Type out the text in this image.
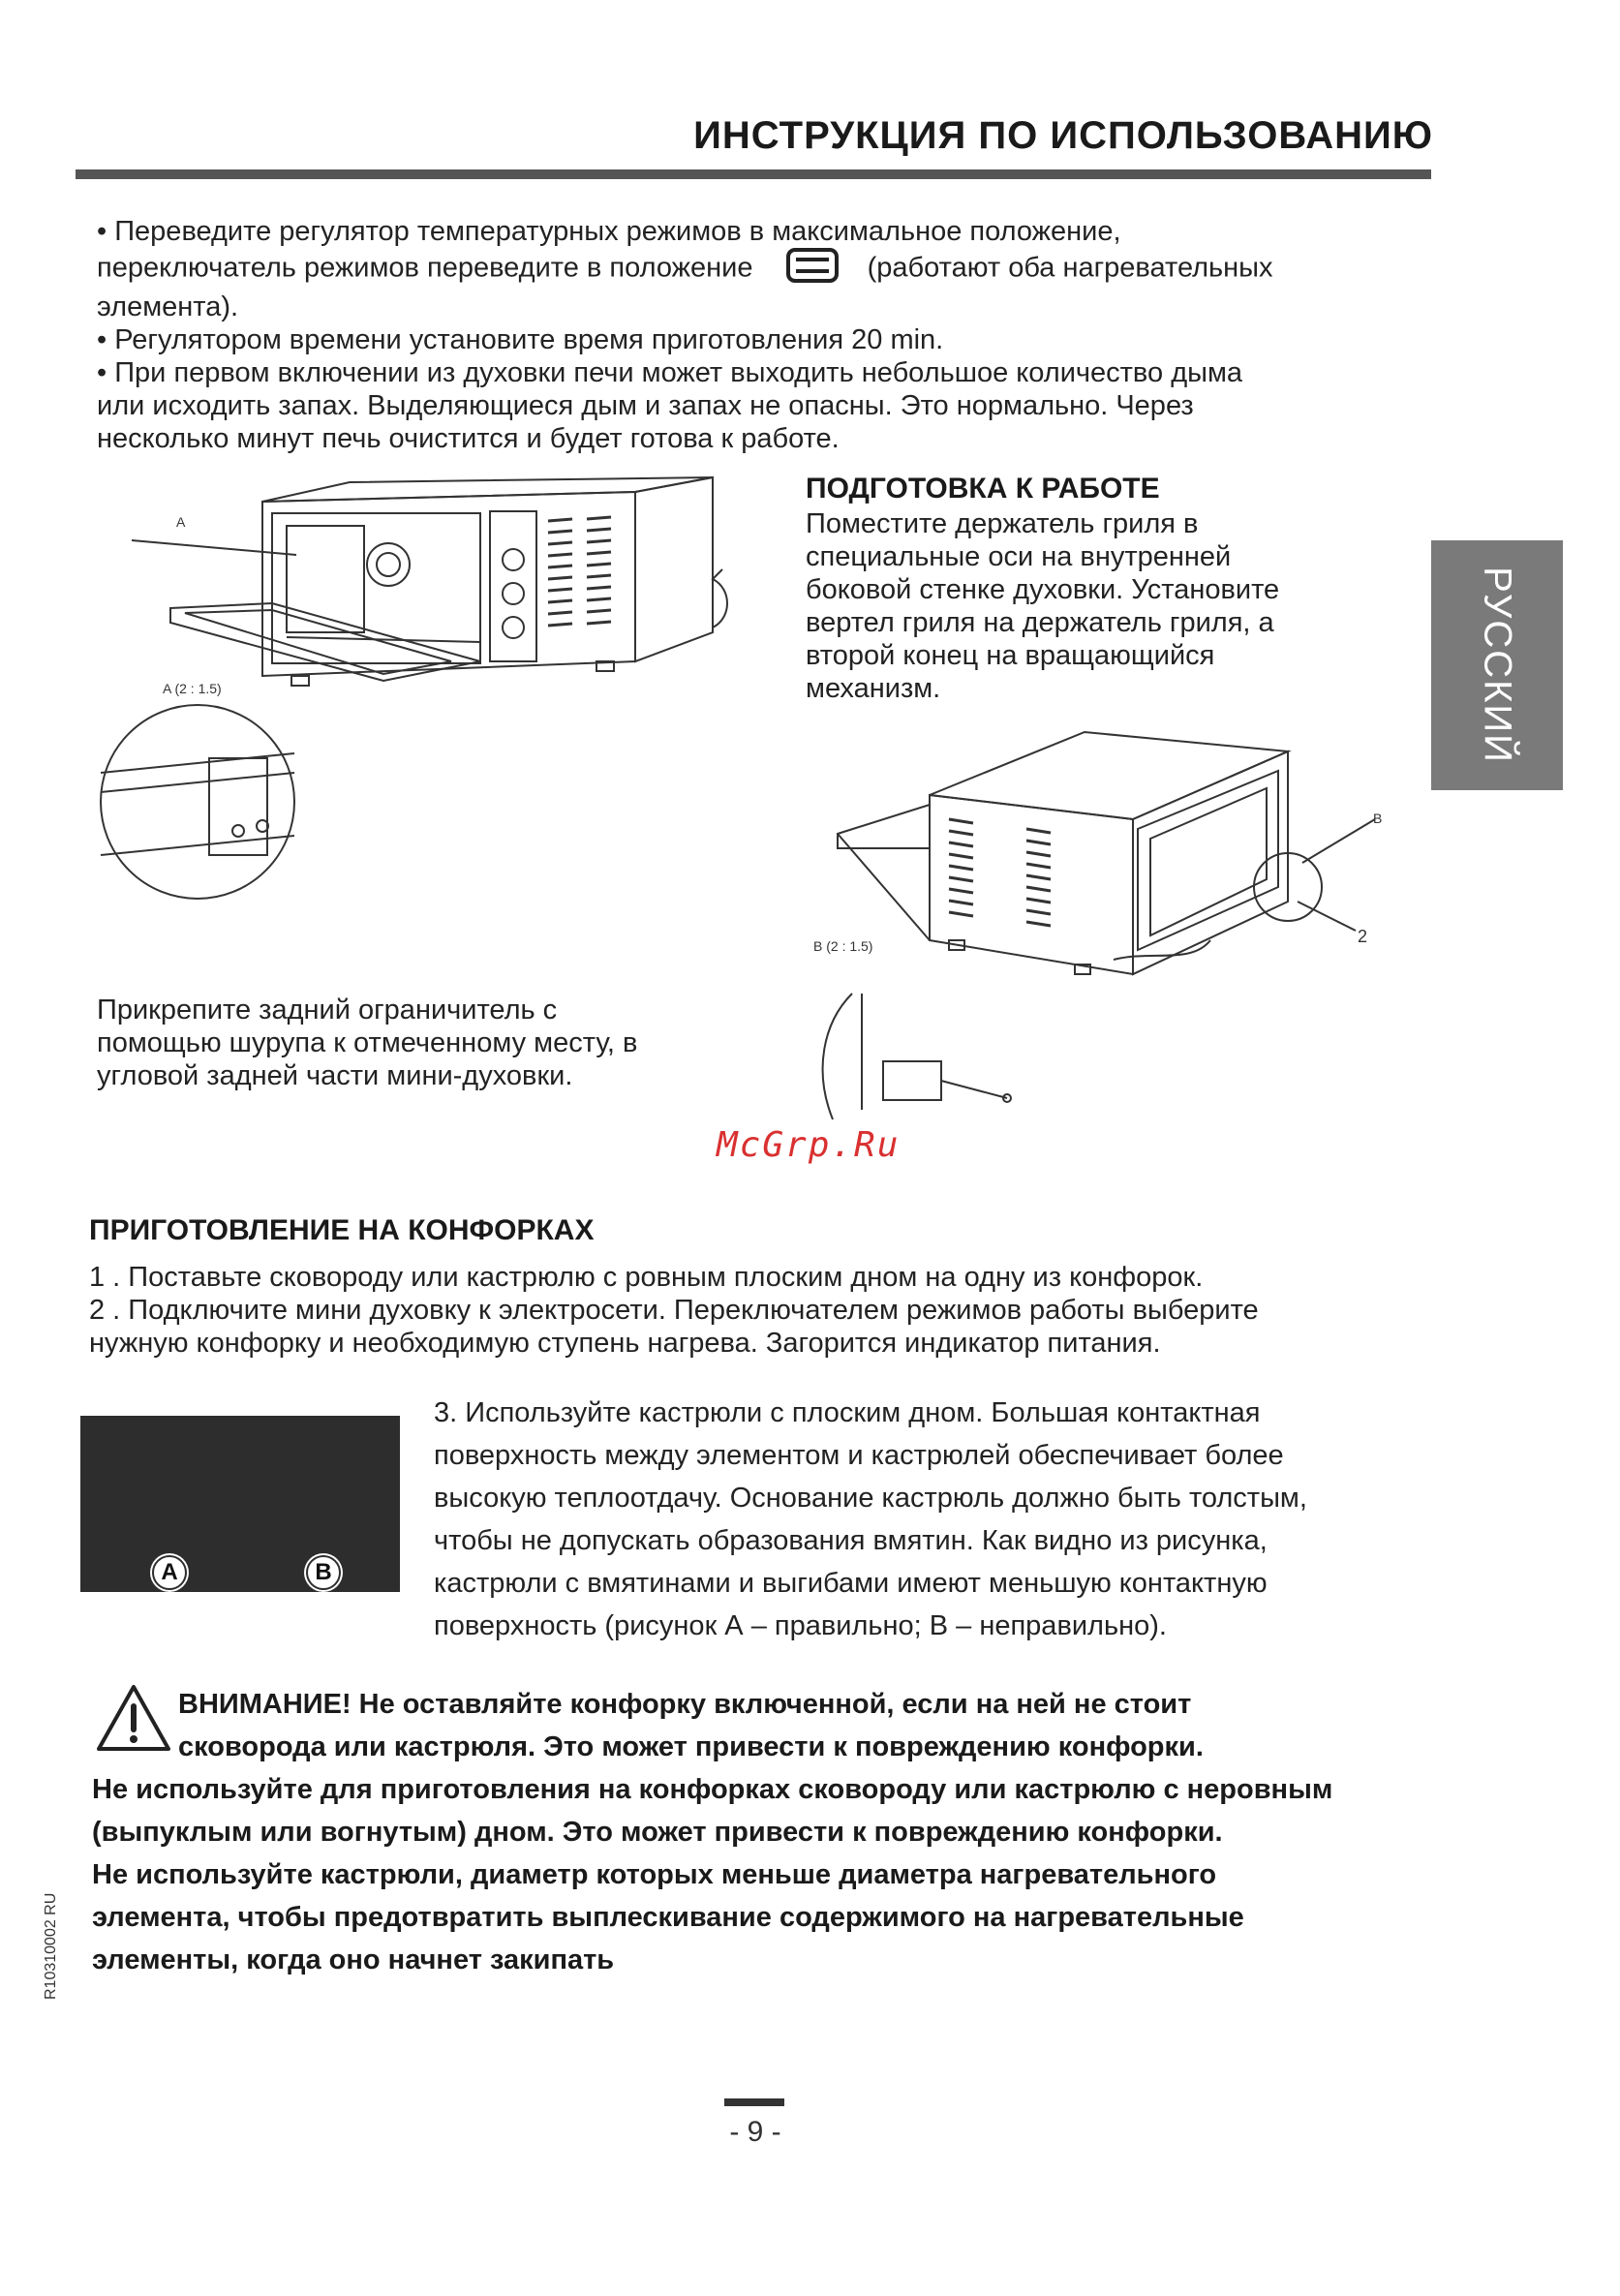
ИНСТРУКЦИЯ ПО ИСПОЛЬЗОВАНИЮ
РУССКИЙ
• Переведите регулятор температурных режимов в максимальное положение,
переключатель режимов переведите в положение	(работают оба нагревательных
элемента).
• Регулятором времени установите время приготовления 20 min.
• При первом включении из духовки печи может выходить небольшое количество дыма
или исходить запах. Выделяющиеся дым и запах не опасны. Это нормально. Через
несколько минут печь очистится и будет готова к работе.
ПОДГОТОВКА К РАБОТЕ
Поместите держатель гриля в
специальные оси на внутренней
боковой стенке духовки. Установите
вертел гриля на держатель гриля, а
второй конец на вращающийся
механизм.
A
A (2 : 1.5)
Прикрепите задний ограничитель с
помощью шурупа к отмеченному месту, в
угловой задней части мини-духовки.
B
2
B (2 : 1.5)
McGrp.Ru
ПРИГОТОВЛЕНИЕ НА КОНФОРКАХ
1 . Поставьте сковороду или кастрюлю с ровным плоским дном на одну из конфорок.
2 . Подключите мини духовку к электросети. Переключателем режимов работы выберите
нужную конфорку и необходимую ступень нагрева. Загорится индикатор питания.
A	B
3. Используйте кастрюли с плоским дном. Большая контактная
поверхность между элементом и кастрюлей обеспечивает более
высокую теплоотдачу. Основание кастрюль должно быть толстым,
чтобы не допускать образования вмятин. Как видно из рисунка,
кастрюли с вмятинами и выгибами имеют меньшую контактную
поверхность (рисунок А – правильно; В – неправильно).
ВНИМАНИЕ! Не оставляйте конфорку включенной, если на ней не стоит
сковорода или кастрюля. Это может привести к повреждению конфорки.
Не используйте для приготовления на конфорках сковороду или кастрюлю с неровным
(выпуклым или вогнутым) дном. Это может привести к повреждению конфорки.
Не используйте кастрюли, диаметр которых меньше диаметра нагревательного
элемента, чтобы предотвратить выплескивание содержимого на нагревательные
элементы, когда оно начнет закипать
R10310002 RU
- 9 -
